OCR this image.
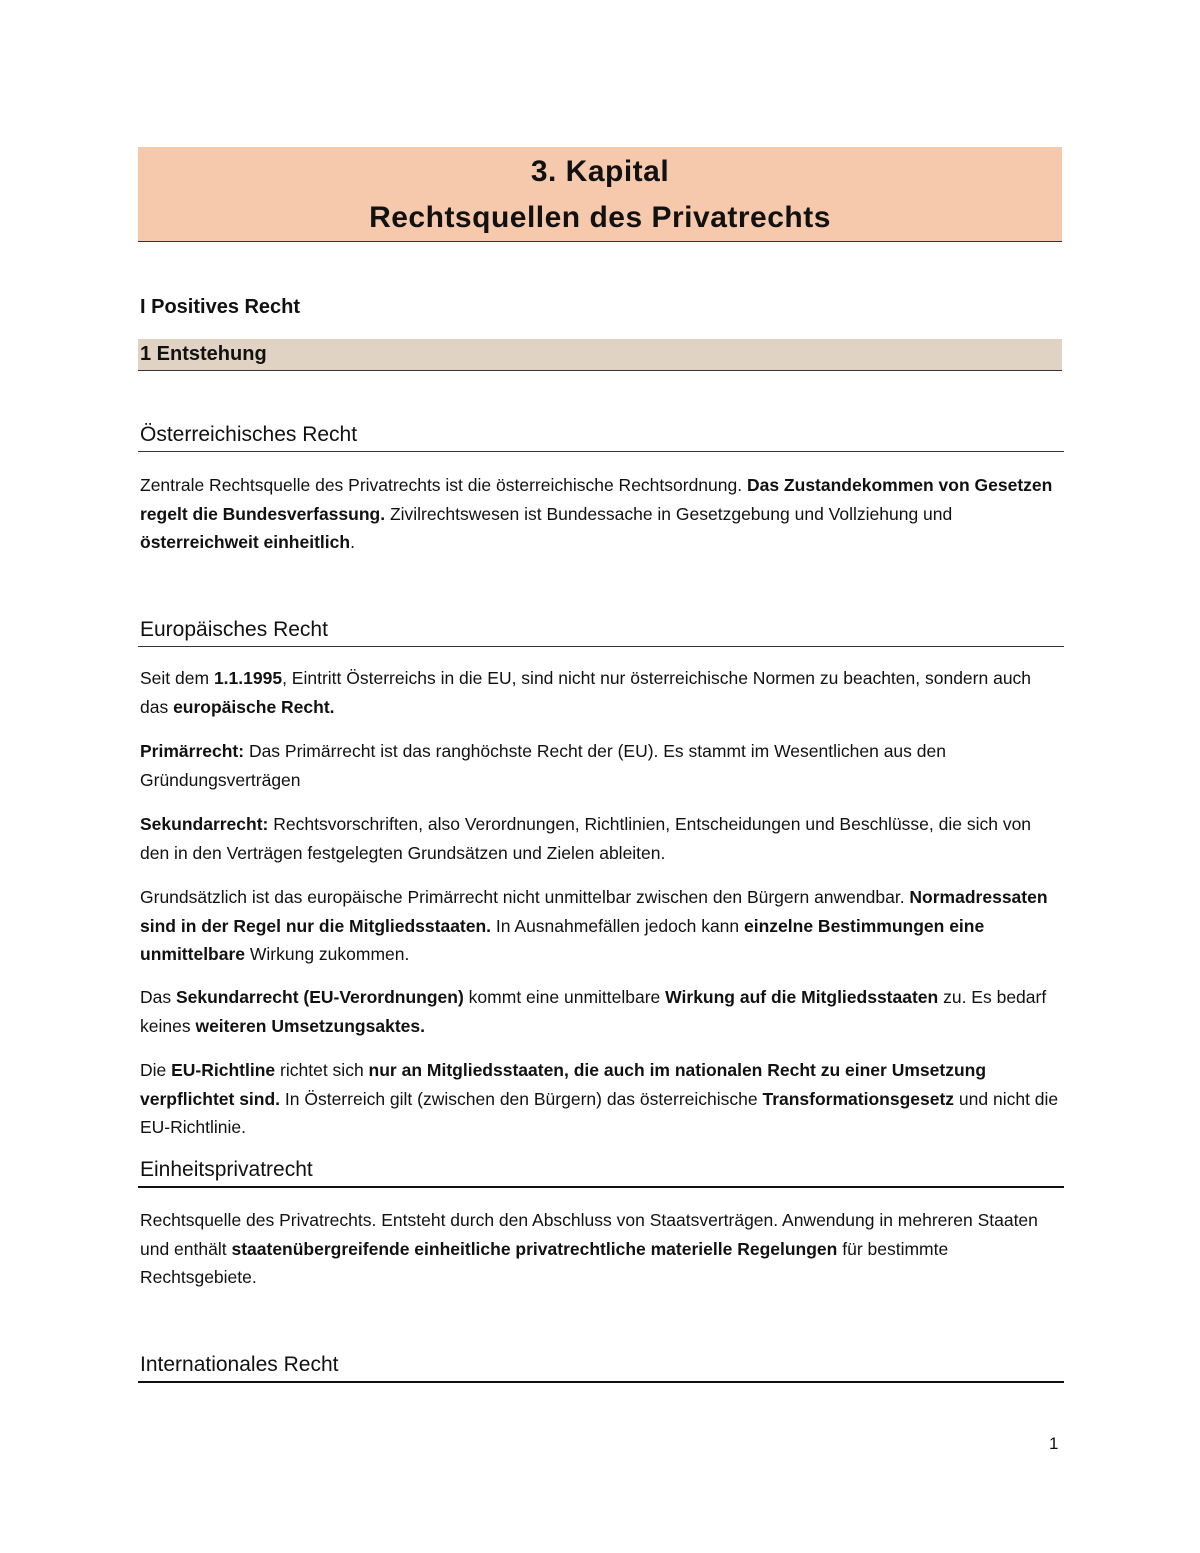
3. Kapital
Rechtsquellen des Privatrechts
I Positives Recht
1 Entstehung
Österreichisches Recht
Zentrale Rechtsquelle des Privatrechts ist die österreichische Rechtsordnung. Das Zustandekommen von Gesetzen regelt die Bundesverfassung. Zivilrechtswesen ist Bundessache in Gesetzgebung und Vollziehung und österreichweit einheitlich.
Europäisches Recht
Seit dem 1.1.1995, Eintritt Österreichs in die EU, sind nicht nur österreichische Normen zu beachten, sondern auch das europäische Recht.
Primärrecht: Das Primärrecht ist das ranghöchste Recht der (EU). Es stammt im Wesentlichen aus den Gründungsverträgen
Sekundarrecht: Rechtsvorschriften, also Verordnungen, Richtlinien, Entscheidungen und Beschlüsse, die sich von den in den Verträgen festgelegten Grundsätzen und Zielen ableiten.
Grundsätzlich ist das europäische Primärrecht nicht unmittelbar zwischen den Bürgern anwendbar. Normadressaten sind in der Regel nur die Mitgliedsstaaten. In Ausnahmefällen jedoch kann einzelne Bestimmungen eine unmittelbare Wirkung zukommen.
Das Sekundarrecht (EU-Verordnungen) kommt eine unmittelbare Wirkung auf die Mitgliedsstaaten zu. Es bedarf keines weiteren Umsetzungsaktes.
Die EU-Richtline richtet sich nur an Mitgliedsstaaten, die auch im nationalen Recht zu einer Umsetzung verpflichtet sind. In Österreich gilt (zwischen den Bürgern) das österreichische Transformationsgesetz und nicht die EU-Richtlinie.
Einheitsprivatrecht
Rechtsquelle des Privatrechts. Entsteht durch den Abschluss von Staatsverträgen. Anwendung in mehreren Staaten und enthält staatenübergreifende einheitliche privatrechtliche materielle Regelungen für bestimmte Rechtsgebiete.
Internationales Recht
1
